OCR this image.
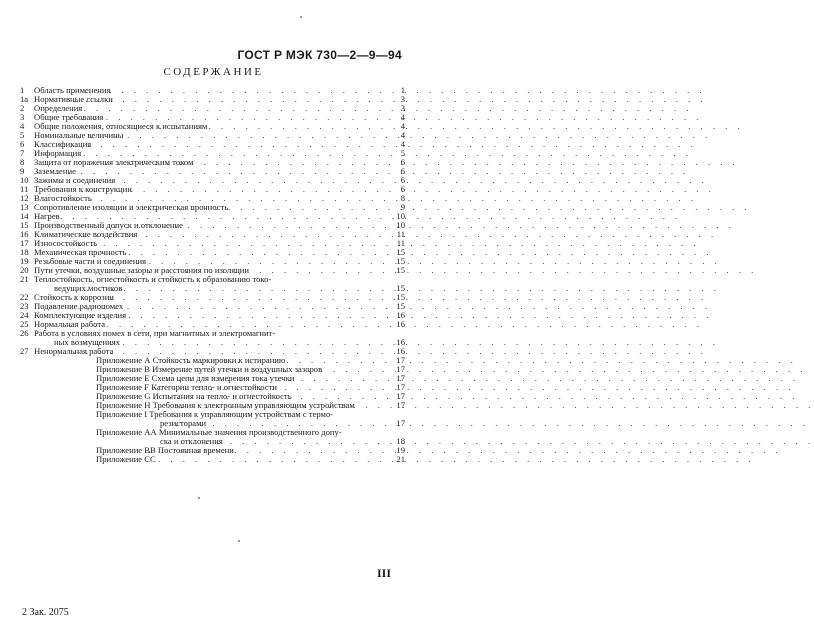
ГОСТ Р МЭК 730—2—9—94
СОДЕРЖАНИЕ
1	Область применения . . .	1
1а Нормативные ссылки . . .	3
2	Определения . . .	3
3	Общие требования . . .	4
4	Общие положения, относящиеся к испытаниям . . .	4
5	Номинальные величины . . .	4
6	Классификация . . .	4
7	Информация . . .	5
8	Защита от поражения электрическим током . . .	6
9	Заземление . . .	6
10 Зажимы и соединения . . .	6
11 Требования к конструкции . . .	6
12 Влагостойкость . . .	8
13 Сопротивление изоляции и электрическая прочность . . .	9
14 Нагрев . . .	10
15 Производственный допуск и отклонение . . .	10
16 Климатические воздействия . . .	11
17 Износостойкость . . .	11
18 Механическая прочность . . .	15
19 Резьбовые части и соединения . . .	15
20 Пути утечки, воздушные зазоры и расстояния по изоляции . . .	15
21 Теплостойкость, огнестойкость и стойкость к образованию токо-
ведущих мостиков . . .	15
22 Стойкость к коррозии . . .	15
23 Подавление радиопомех . . .	15
24 Комплектующие изделия . . .	16
25 Нормальная работа . . .	16
26 Работа в условиях помех в сети, при магнитных и электромагнит-
ных возмущениях . . .	16
27 Ненормальная работа . . .	16
Приложение А Стойкость маркировки к истиранию . . .	17
Приложение В Измерение путей утечки и воздушных зазоров . . .	17
Приложение Е Схема цепи для измерения тока утечки . . .	17
Приложение F Категории тепло- и огнестойкости . . .	17
Приложение G Испытания на тепло- и огнестойкость . . .	17
Приложение Н Требования к электронным управляющим устройствам . . .	17
Приложение I Требования к управляющим устройствам с термо-
резисторами . . .	17
Приложение АА Минимальные значения производственного допу-
ска и отклонения . . .	18
Приложение ВВ Постоянная времени . . .	19
Приложение СС . . .	21
III
2 Зак. 2075
